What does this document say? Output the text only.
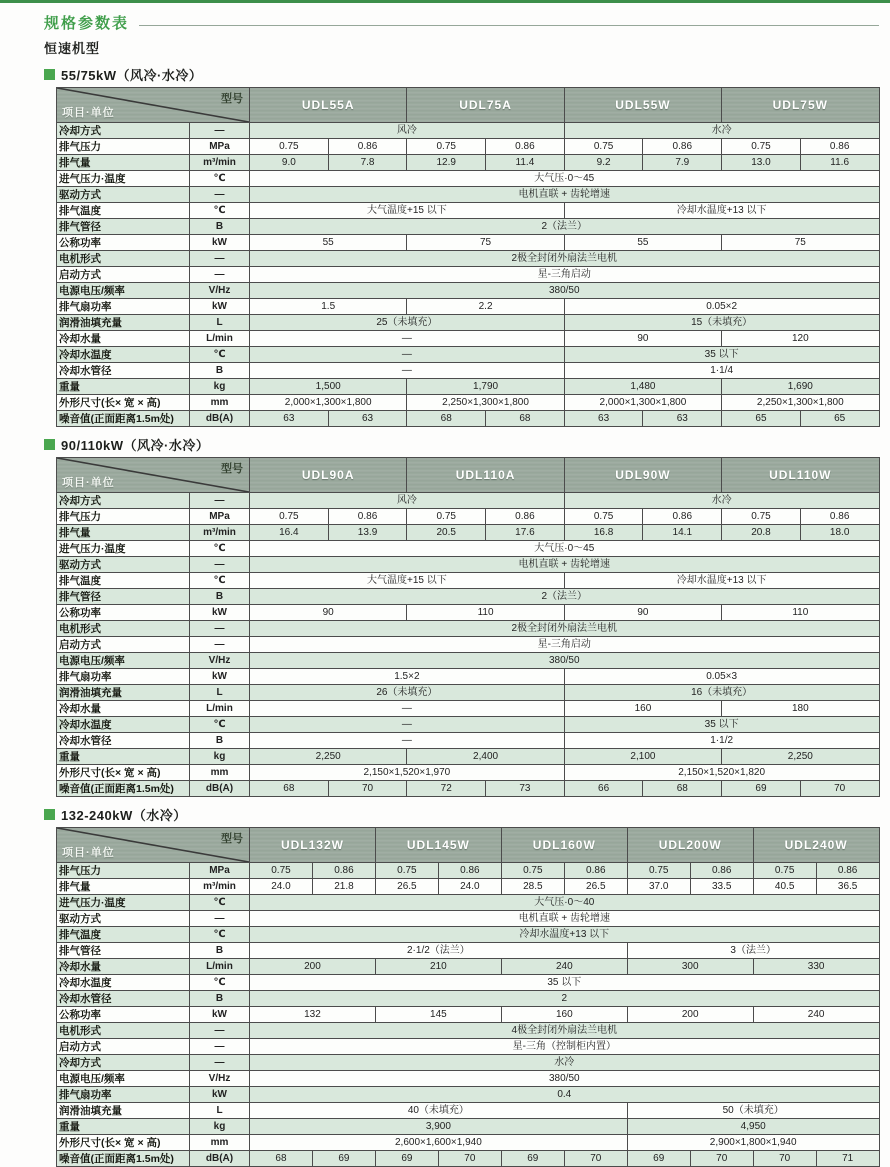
规格参数表
恒速机型
55/75kW（风冷·水冷）
型号
项目·单位		UDL55A		UDL75A		UDL55W		UDL75W	
冷却方式	—	风冷				水冷			
排气压力	MPa	0.75	0.86	0.75	0.86	0.75	0.86	0.75	0.86
排气量	m³/min	9.0	7.8	12.9	11.4	9.2	7.9	13.0	11.6
进气压力·温度	℃	大气压·0～45							
驱动方式	—	电机直联 + 齿轮增速							
排气温度	℃	大气温度+15 以下				冷却水温度+13 以下			
排气管径	B	2（法兰）							
公称功率	kW	55		75		55		75	
电机形式	—	2极全封闭外扇法兰电机							
启动方式	—	星-三角启动							
电源电压/频率	V/Hz	380/50							
排气扇功率	kW	1.5		2.2		0.05×2			
润滑油填充量	L	25（未填充）				15（未填充）			
冷却水量	L/min	—				90		120	
冷却水温度	℃	—				35 以下			
冷却水管径	B	—				1·1/4			
重量	kg	1,500		1,790		1,480		1,690	
外形尺寸(长× 宽 × 高)	mm	2,000×1,300×1,800		2,250×1,300×1,800		2,000×1,300×1,800		2,250×1,300×1,800	
噪音值(正面距离1.5m处)	dB(A)	63	63	68	68	63	63	65	65
90/110kW（风冷·水冷）
型号
项目·单位		UDL90A		UDL110A		UDL90W		UDL110W	
冷却方式	—	风冷				水冷			
排气压力	MPa	0.75	0.86	0.75	0.86	0.75	0.86	0.75	0.86
排气量	m³/min	16.4	13.9	20.5	17.6	16.8	14.1	20.8	18.0
进气压力·温度	℃	大气压·0～45							
驱动方式	—	电机直联 + 齿轮增速							
排气温度	℃	大气温度+15 以下				冷却水温度+13 以下			
排气管径	B	2（法兰）							
公称功率	kW	90		110		90		110	
电机形式	—	2极全封闭外扇法兰电机							
启动方式	—	星-三角启动							
电源电压/频率	V/Hz	380/50							
排气扇功率	kW	1.5×2				0.05×3			
润滑油填充量	L	26（未填充）				16（未填充）			
冷却水量	L/min	—				160		180	
冷却水温度	℃	—				35 以下			
冷却水管径	B	—				1·1/2			
重量	kg	2,250		2,400		2,100		2,250	
外形尺寸(长× 宽 × 高)	mm	2,150×1,520×1,970				2,150×1,520×1,820			
噪音值(正面距离1.5m处)	dB(A)	68	70	72	73	66	68	69	70
132-240kW（水冷）
型号
项目·单位		UDL132W		UDL145W		UDL160W		UDL200W		UDL240W	
排气压力	MPa	0.75	0.86	0.75	0.86	0.75	0.86	0.75	0.86	0.75	0.86
排气量	m³/min	24.0	21.8	26.5	24.0	28.5	26.5	37.0	33.5	40.5	36.5
进气压力·温度	℃	大气压·0～40									
驱动方式	—	电机直联 + 齿轮增速									
排气温度	℃	冷却水温度+13 以下									
排气管径	B	2·1/2（法兰）						3（法兰）			
冷却水量	L/min	200		210		240		300		330	
冷却水温度	℃	35 以下									
冷却水管径	B	2									
公称功率	kW	132		145		160		200		240	
电机形式	—	4极全封闭外扇法兰电机									
启动方式	—	星-三角（控制柜内置）									
冷却方式	—	水冷									
电源电压/频率	V/Hz	380/50									
排气扇功率	kW	0.4									
润滑油填充量	L	40（未填充）						50（未填充）			
重量	kg	3,900						4,950			
外形尺寸(长× 宽 × 高)	mm	2,600×1,600×1,940						2,900×1,800×1,940			
噪音值(正面距离1.5m处)	dB(A)	68	69	69	70	69	70	69	70	70	71
